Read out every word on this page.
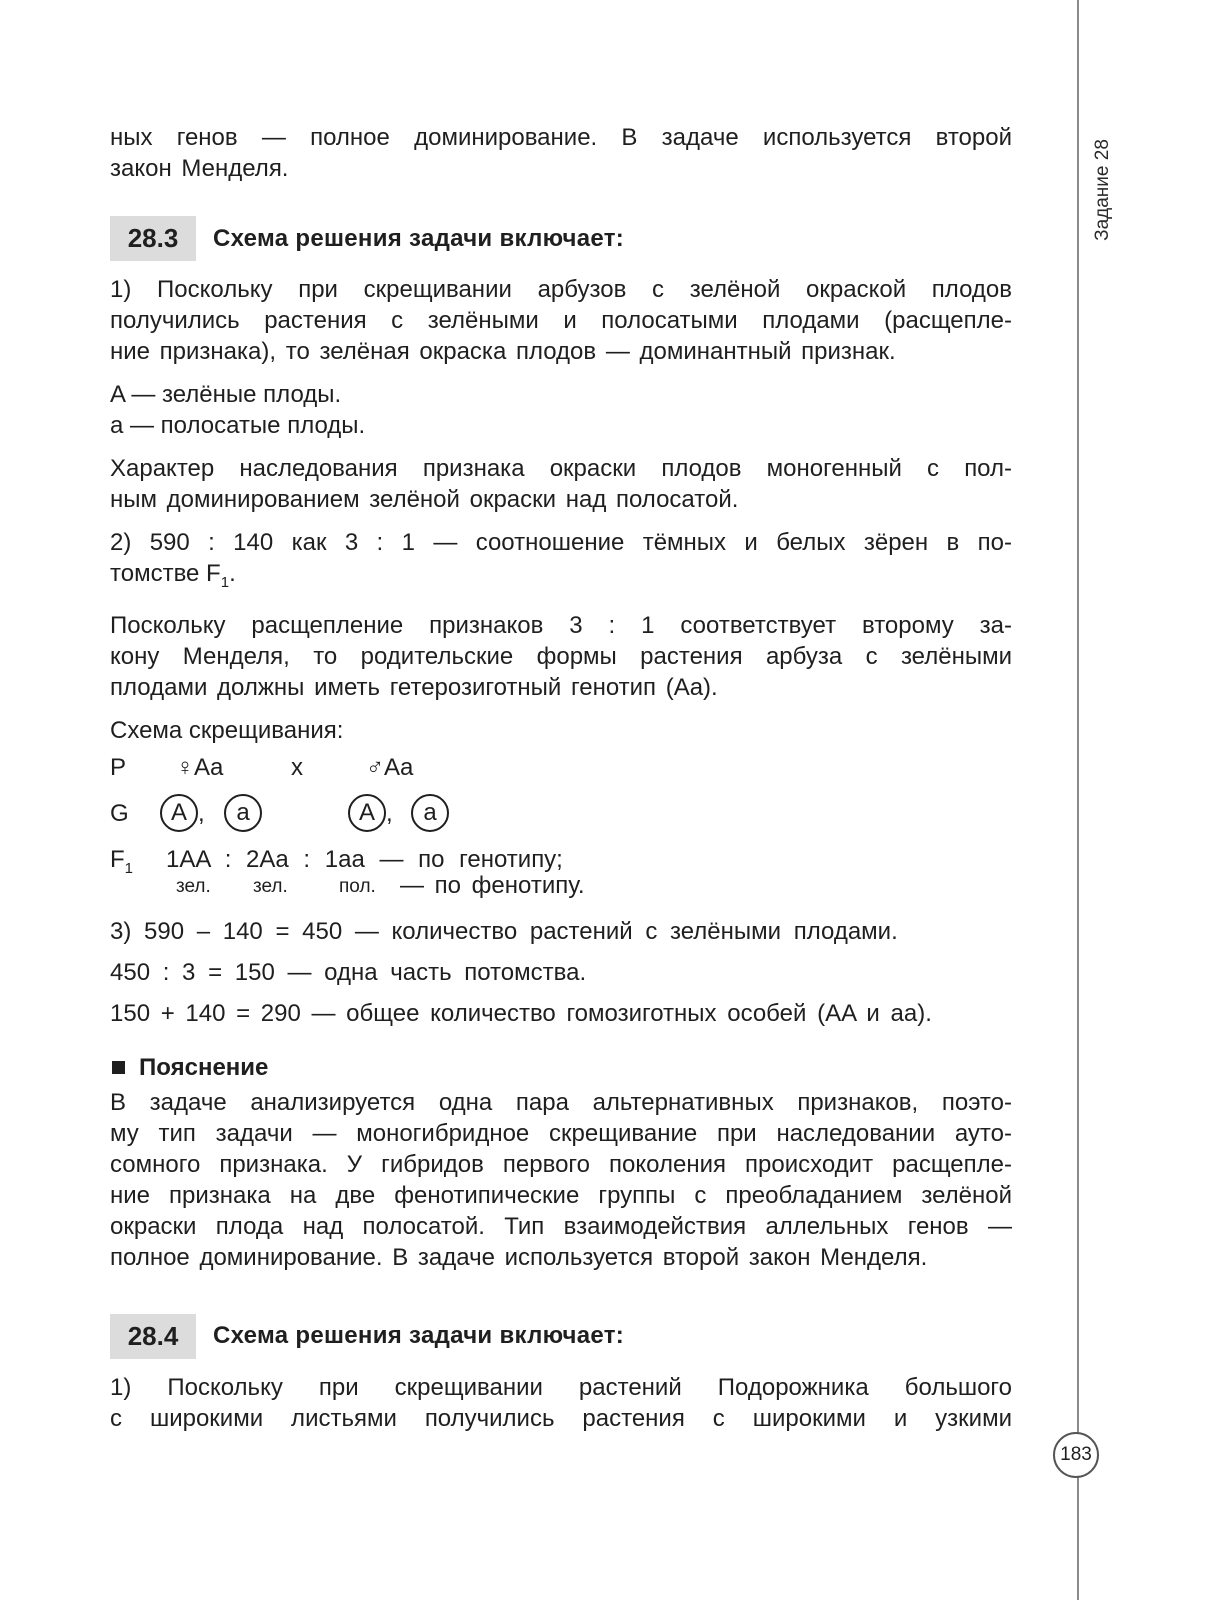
Задание 28
183

ных генов — полное доминирование. В задаче используется второй

закон Менделя.

28.3	Схема решения задачи включает:

1) Поскольку при скрещивании арбузов с зелёной окраской плодов

получились растения с зелёными и полосатыми плодами (расщепле-

ние признака), то зелёная окраска плодов — доминантный признак.

A — зелёные плоды.

a — полосатые плоды.

Характер наследования признака окраски плодов моногенный с пол-

ным доминированием зелёной окраски над полосатой.

2) 590 : 140 как 3 : 1 — соотношение тёмных и белых зёрен в по-

томстве $F_1$.

Поскольку расщепление признаков 3 : 1 соответствует второму за-

кону Менделя, то родительские формы растения арбуза с зелёными

плодами должны иметь гетерозиготный генотип (Aa).

Схема скрещивания:

P ♀Aa	x	♂Aa
G	A ,	a	A ,	a
$F_1$ 1AA : 2Aa : 1aa — по генотипу;
зел. зел.	пол. — по фенотипу.

3) 590 – 140 = 450 — количество растений с зелёными плодами.

450 : 3 = 150 — одна часть потомства.

150 + 140 = 290 — общее количество гомозиготных особей (AA и aa).

Пояснение

В задаче анализируется одна пара альтернативных признаков, поэто-

му тип задачи — моногибридное скрещивание при наследовании ауто-

сомного признака. У гибридов первого поколения происходит расщепле-

ние признака на две фенотипические группы с преобладанием зелёной

окраски плода над полосатой. Тип взаимодействия аллельных генов —

полное доминирование. В задаче используется второй закон Менделя.

28.4	Схема решения задачи включает:

1) Поскольку при скрещивании растений Подорожника большого

с широкими листьями получились растения с широкими и узкими
